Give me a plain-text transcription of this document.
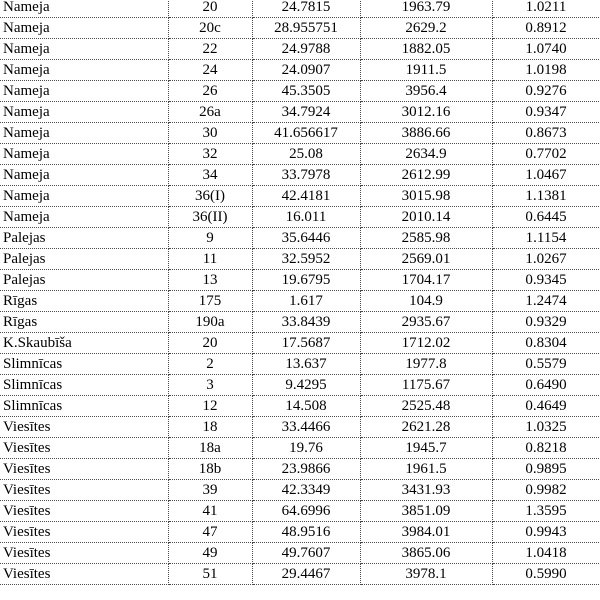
Nameja	20	24.7815	1963.79	1.0211
Nameja	20c	28.955751	2629.2	0.8912
Nameja	22	24.9788	1882.05	1.0740
Nameja	24	24.0907	1911.5	1.0198
Nameja	26	45.3505	3956.4	0.9276
Nameja	26a	34.7924	3012.16	0.9347
Nameja	30	41.656617	3886.66	0.8673
Nameja	32	25.08	2634.9	0.7702
Nameja	34	33.7978	2612.99	1.0467
Nameja	36(I)	42.4181	3015.98	1.1381
Nameja	36(II)	16.011	2010.14	0.6445
Palejas	9	35.6446	2585.98	1.1154
Palejas	11	32.5952	2569.01	1.0267
Palejas	13	19.6795	1704.17	0.9345
Rīgas	175	1.617	104.9	1.2474
Rīgas	190a	33.8439	2935.67	0.9329
K.Skaubīša	20	17.5687	1712.02	0.8304
Slimnīcas	2	13.637	1977.8	0.5579
Slimnīcas	3	9.4295	1175.67	0.6490
Slimnīcas	12	14.508	2525.48	0.4649
Viesītes	18	33.4466	2621.28	1.0325
Viesītes	18a	19.76	1945.7	0.8218
Viesītes	18b	23.9866	1961.5	0.9895
Viesītes	39	42.3349	3431.93	0.9982
Viesītes	41	64.6996	3851.09	1.3595
Viesītes	47	48.9516	3984.01	0.9943
Viesītes	49	49.7607	3865.06	1.0418
Viesītes	51	29.4467	3978.1	0.5990
